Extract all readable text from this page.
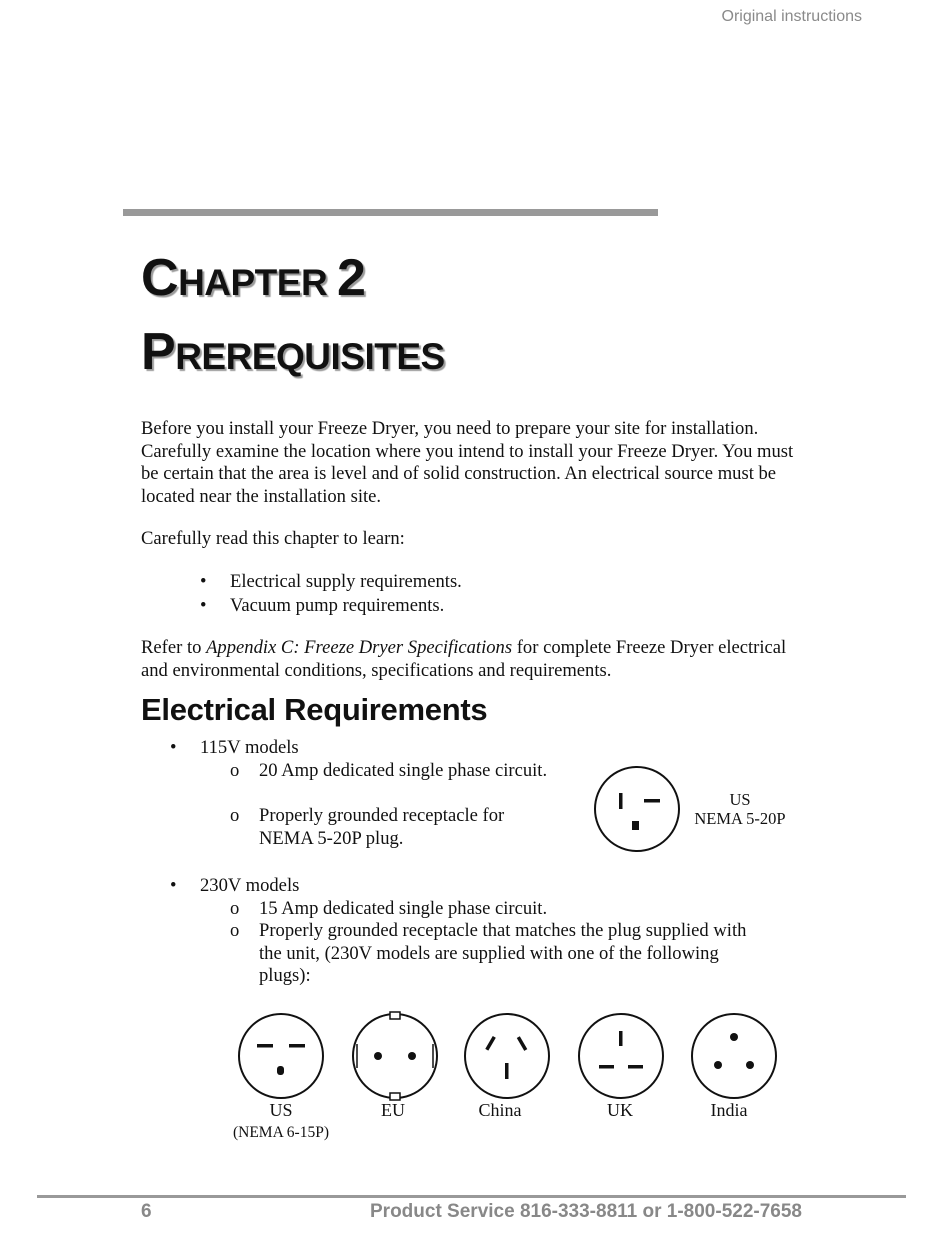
Original instructions
CHAPTER 2
PREREQUISITES
Before you install your Freeze Dryer, you need to prepare your site for installation. Carefully examine the location where you intend to install your Freeze Dryer. You must be certain that the area is level and of solid construction. An electrical source must be located near the installation site.
Carefully read this chapter to learn:
• Electrical supply requirements.
• Vacuum pump requirements.
Refer to Appendix C: Freeze Dryer Specifications for complete Freeze Dryer electrical and environmental conditions, specifications and requirements.
Electrical Requirements
• 115V models
o 20 Amp dedicated single phase circuit.
o Properly grounded receptacle for
NEMA 5-20P plug.
US
NEMA 5-20P
• 230V models
o 15 Amp dedicated single phase circuit.
o Properly grounded receptacle that matches the plug supplied with
the unit, (230V models are supplied with one of the following
plugs):
US
(NEMA 6-15P)
EU	China	UK	India
6	Product Service 816-333-8811 or 1-800-522-7658
